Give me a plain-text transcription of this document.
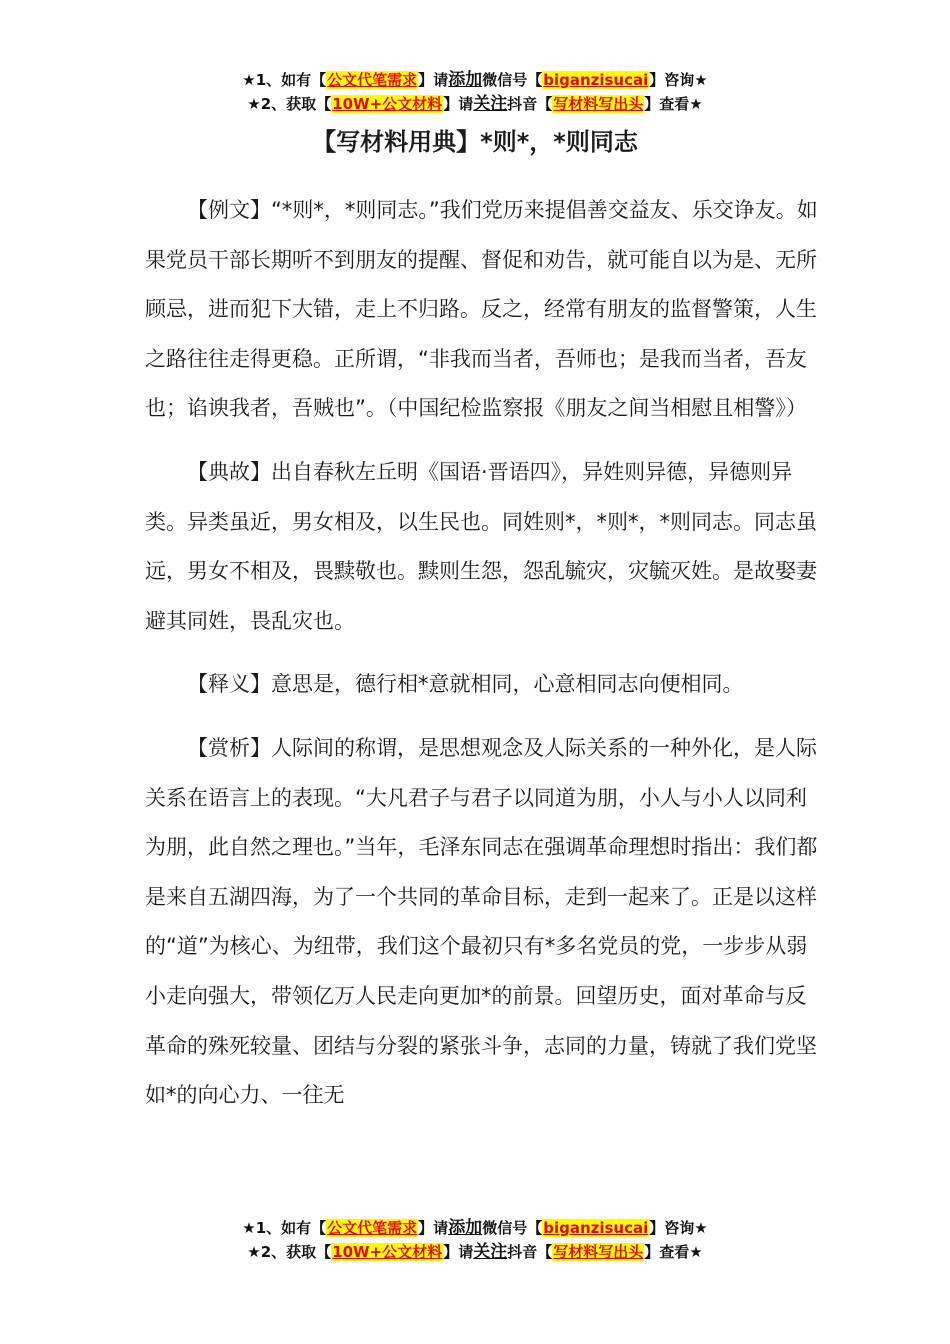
★1、如有【公文代笔需求】请添加微信号【biganzisucai】咨询★
★2、获取【10W+公文材料】请关注抖音【写材料写出头】查看★
【写材料用典】*则*，*则同志

【例文】“*则*，*则同志。”我们党历来提倡善交益友、乐交诤友。如果党员干部长期听不到朋友的提醒、督促和劝告，就可能自以为是、无所顾忌，进而犯下大错，走上不归路。反之，经常有朋友的监督警策，人生之路往往走得更稳。正所谓，“非我而当者，吾师也；是我而当者，吾友也；谄谀我者，吾贼也”。（中国纪检监察报《朋友之间当相慰且相警》）

【典故】出自春秋左丘明《国语·晋语四》，异姓则异德，异德则异类。异类虽近，男女相及，以生民也。同姓则*，*则*，*则同志。同志虽远，男女不相及，畏黩敬也。黩则生怨，怨乱毓灾，灾毓灭姓。是故娶妻避其同姓，畏乱灾也。

【释义】意思是，德行相*意就相同，心意相同志向便相同。

【赏析】人际间的称谓，是思想观念及人际关系的一种外化，是人际关系在语言上的表现。“大凡君子与君子以同道为朋，小人与小人以同利为朋，此自然之理也。”当年，毛泽东同志在强调革命理想时指出：我们都是来自五湖四海，为了一个共同的革命目标，走到一起来了。正是以这样的“道”为核心、为纽带，我们这个最初只有*多名党员的党，一步步从弱小走向强大，带领亿万人民走向更加*的前景。回望历史，面对革命与反革命的殊死较量、团结与分裂的紧张斗争，志同的力量，铸就了我们党坚如*的向心力、一往无

★1、如有【公文代笔需求】请添加微信号【biganzisucai】咨询★
★2、获取【10W+公文材料】请关注抖音【写材料写出头】查看★
